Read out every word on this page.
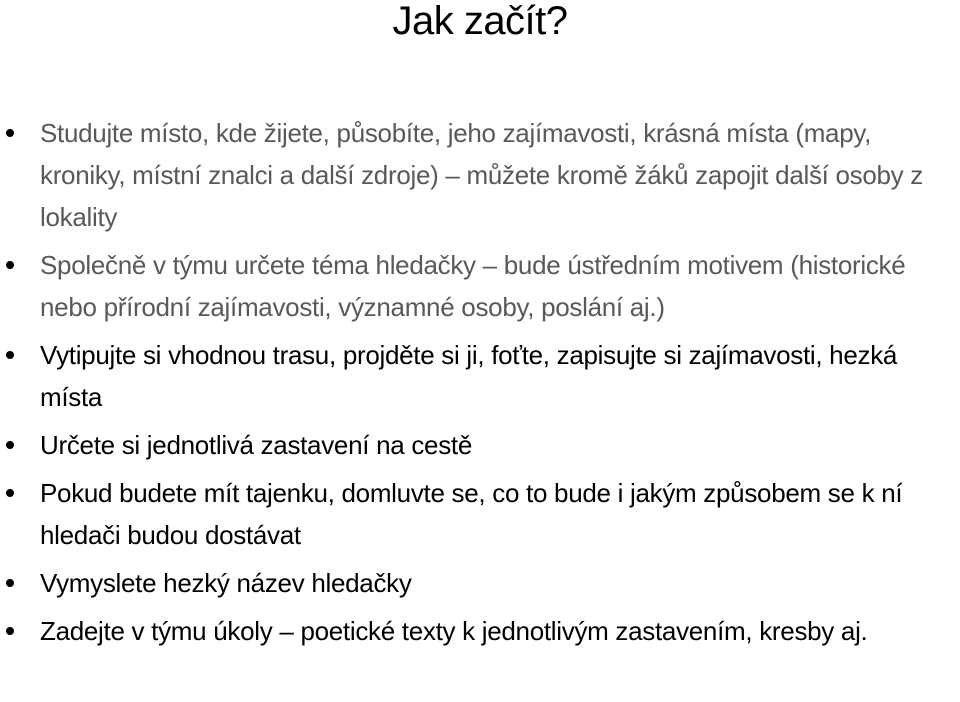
Jak začít?
Studujte místo, kde žijete, působíte, jeho zajímavosti, krásná místa (mapy, kroniky, místní znalci a další zdroje) – můžete kromě žáků zapojit další osoby z lokality
Společně v týmu určete téma hledačky – bude ústředním motivem (historické nebo přírodní zajímavosti, významné osoby, poslání aj.)
Vytipujte si vhodnou trasu, projděte si ji, foťte, zapisujte si zajímavosti, hezká místa
Určete si jednotlivá zastavení na cestě
Pokud budete mít tajenku, domluvte se, co to bude i jakým způsobem se k ní hledači budou dostávat
Vymyslete hezký název hledačky
Zadejte v týmu úkoly – poetické texty k jednotlivým zastavením, kresby aj.
